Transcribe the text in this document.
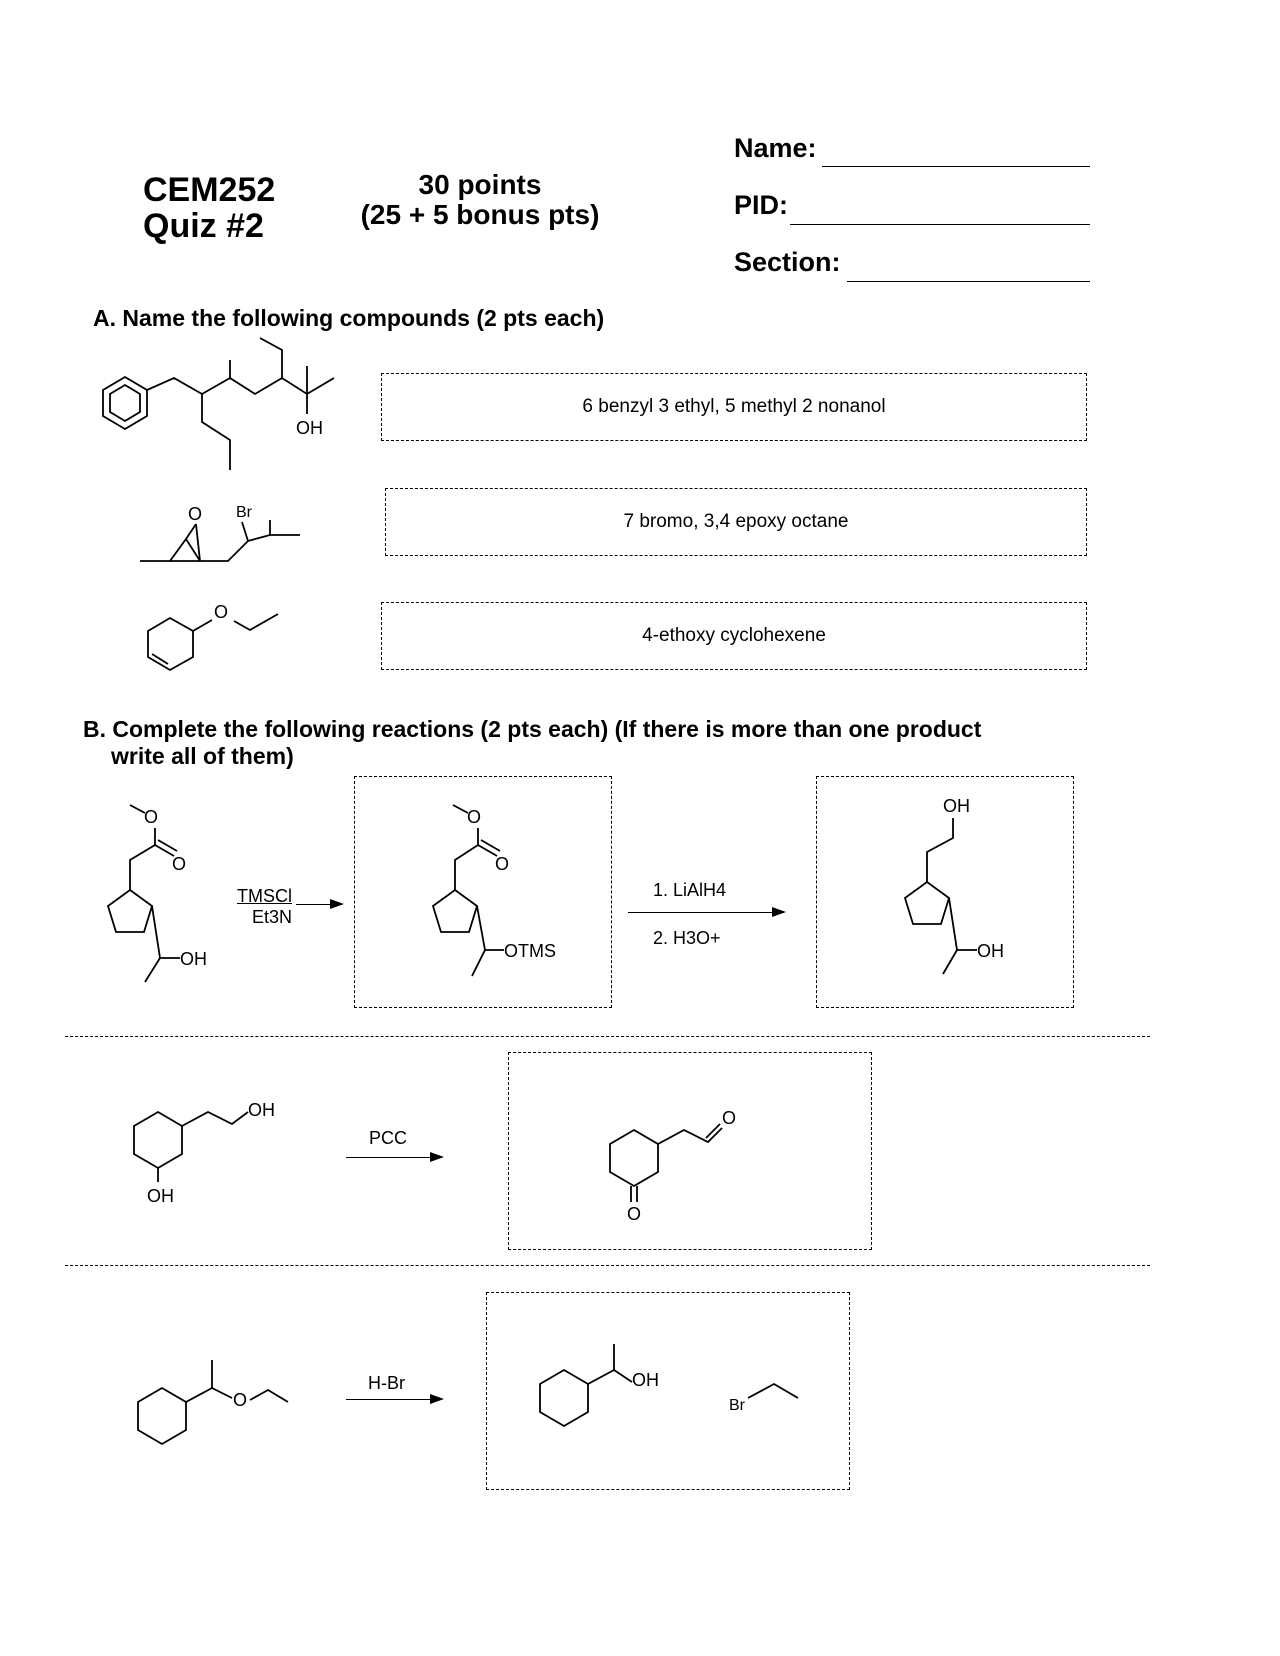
CEM252
Quiz #2
30 points
(25 + 5 bonus pts)
Name:
PID:
Section:
A. Name the following compounds (2 pts each)
OH
6 benzyl 3 ethyl, 5 methyl 2 nonanol
O Br	7 bromo, 3,4 epoxy octane
O
4-ethoxy cyclohexene
B. Complete the following reactions (2 pts each) (If there is more than one product
write all of them)
O
O
OH
TMSCl
Et3N
O
O
OTMS
1. LiAlH4
2. H3O+
OH
OH
OH
OH
PCC
O
O
O
H-Br	OH
Br
